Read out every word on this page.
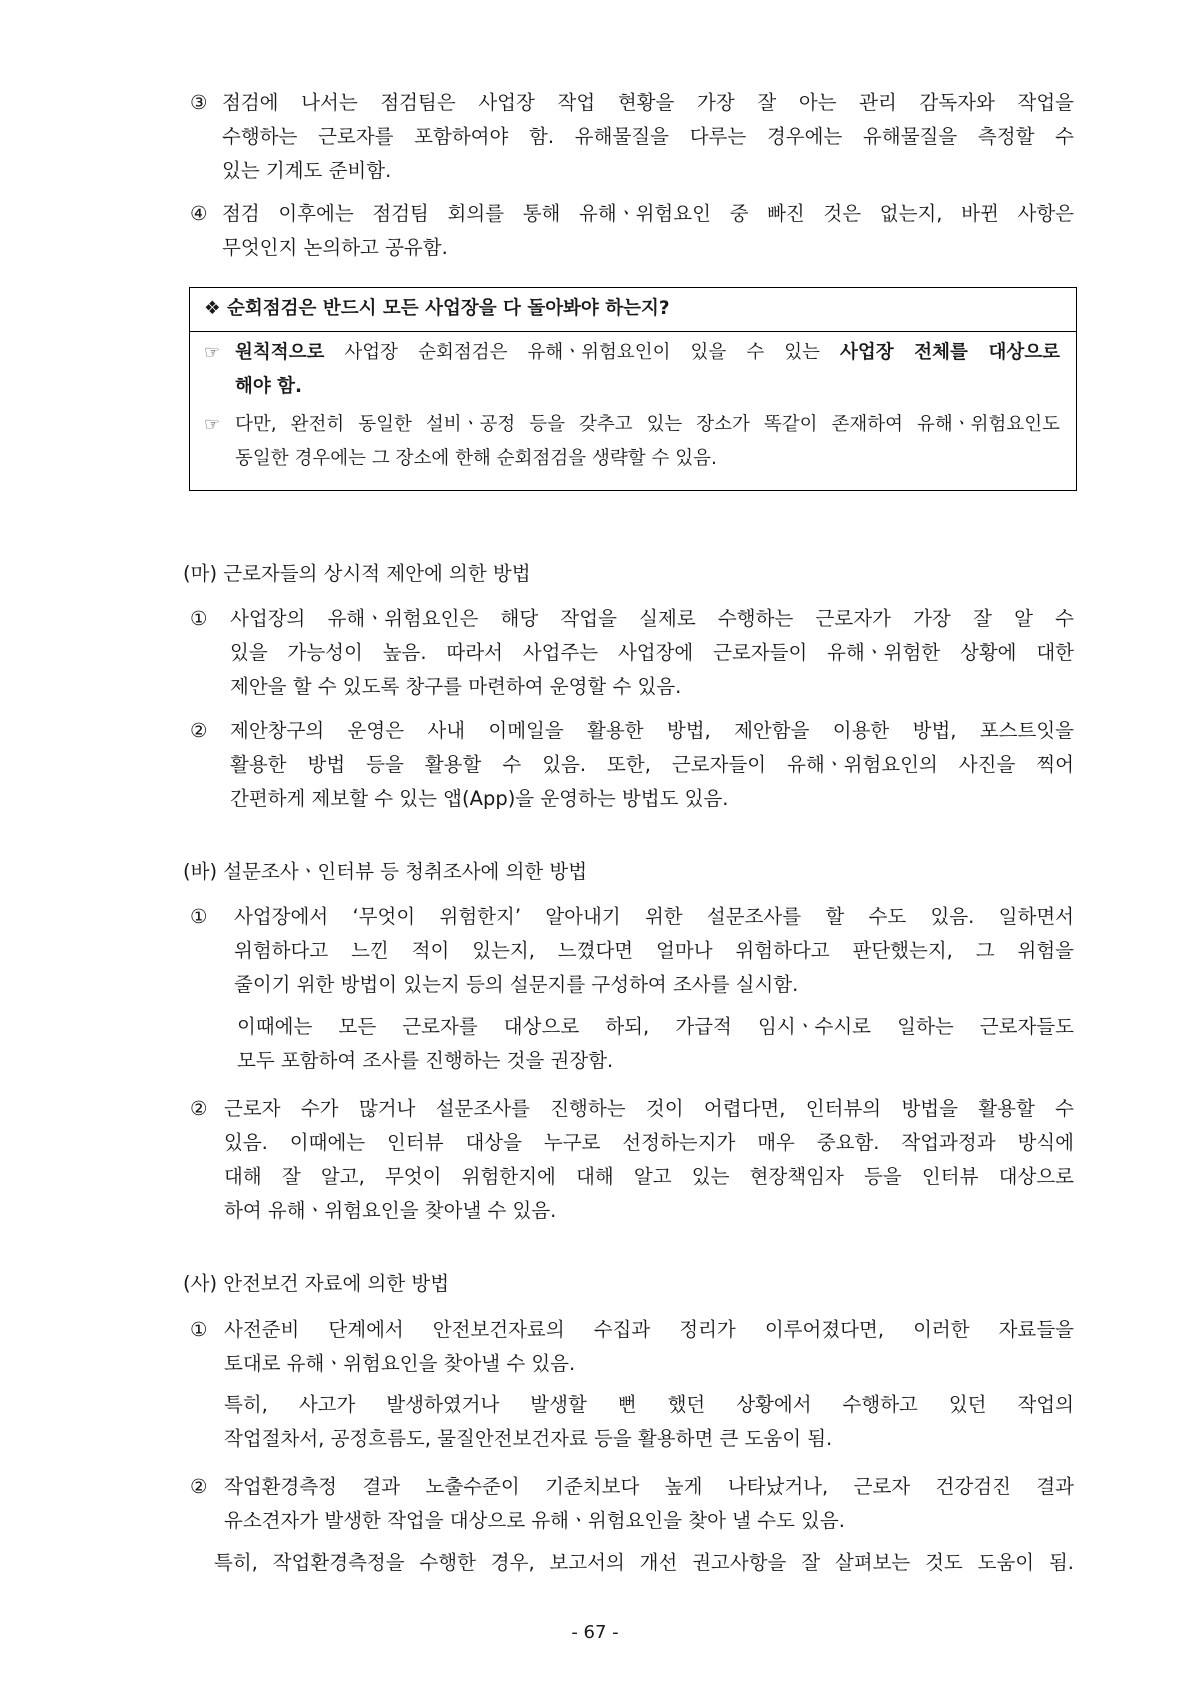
③ 점검에 나서는 점검팀은 사업장 작업 현황을 가장 잘 아는 관리 감독자와 작업을
수행하는 근로자를 포함하여야 함. 유해물질을 다루는 경우에는 유해물질을 측정할 수
있는 기계도 준비함.
④ 점검 이후에는 점검팀 회의를 통해 유해ㆍ위험요인 중 빠진 것은 없는지, 바뀐 사항은
무엇인지 논의하고 공유함.
❖ 순회점검은 반드시 모든 사업장을 다 돌아봐야 하는지?
☞ 원칙적으로 사업장 순회점검은 유해ㆍ위험요인이 있을 수 있는 사업장 전체를 대상으로
해야 함.
☞ 다만, 완전히 동일한 설비ㆍ공정 등을 갖추고 있는 장소가 똑같이 존재하여 유해ㆍ위험요인도
동일한 경우에는 그 장소에 한해 순회점검을 생략할 수 있음.
(마) 근로자들의 상시적 제안에 의한 방법
① 사업장의 유해ㆍ위험요인은 해당 작업을 실제로 수행하는 근로자가 가장 잘 알 수
있을 가능성이 높음. 따라서 사업주는 사업장에 근로자들이 유해ㆍ위험한 상황에 대한
제안을 할 수 있도록 창구를 마련하여 운영할 수 있음.
② 제안창구의 운영은 사내 이메일을 활용한 방법, 제안함을 이용한 방법, 포스트잇을
활용한 방법 등을 활용할 수 있음. 또한, 근로자들이 유해ㆍ위험요인의 사진을 찍어
간편하게 제보할 수 있는 앱(App)을 운영하는 방법도 있음.
(바) 설문조사ㆍ인터뷰 등 청취조사에 의한 방법
① 사업장에서 ‘무엇이 위험한지’ 알아내기 위한 설문조사를 할 수도 있음. 일하면서
위험하다고 느낀 적이 있는지, 느꼈다면 얼마나 위험하다고 판단했는지, 그 위험을
줄이기 위한 방법이 있는지 등의 설문지를 구성하여 조사를 실시함.
이때에는 모든 근로자를 대상으로 하되, 가급적 임시ㆍ수시로 일하는 근로자들도
모두 포함하여 조사를 진행하는 것을 권장함.
② 근로자 수가 많거나 설문조사를 진행하는 것이 어렵다면, 인터뷰의 방법을 활용할 수
있음. 이때에는 인터뷰 대상을 누구로 선정하는지가 매우 중요함. 작업과정과 방식에
대해 잘 알고, 무엇이 위험한지에 대해 알고 있는 현장책임자 등을 인터뷰 대상으로
하여 유해ㆍ위험요인을 찾아낼 수 있음.
(사) 안전보건 자료에 의한 방법
① 사전준비 단계에서 안전보건자료의 수집과 정리가 이루어졌다면, 이러한 자료들을
토대로 유해ㆍ위험요인을 찾아낼 수 있음.
특히, 사고가 발생하였거나 발생할 뻔 했던 상황에서 수행하고 있던 작업의
작업절차서, 공정흐름도, 물질안전보건자료 등을 활용하면 큰 도움이 됨.
② 작업환경측정 결과 노출수준이 기준치보다 높게 나타났거나, 근로자 건강검진 결과
유소견자가 발생한 작업을 대상으로 유해ㆍ위험요인을 찾아 낼 수도 있음.
특히, 작업환경측정을 수행한 경우, 보고서의 개선 권고사항을 잘 살펴보는 것도 도움이 됨.
- 67 -
